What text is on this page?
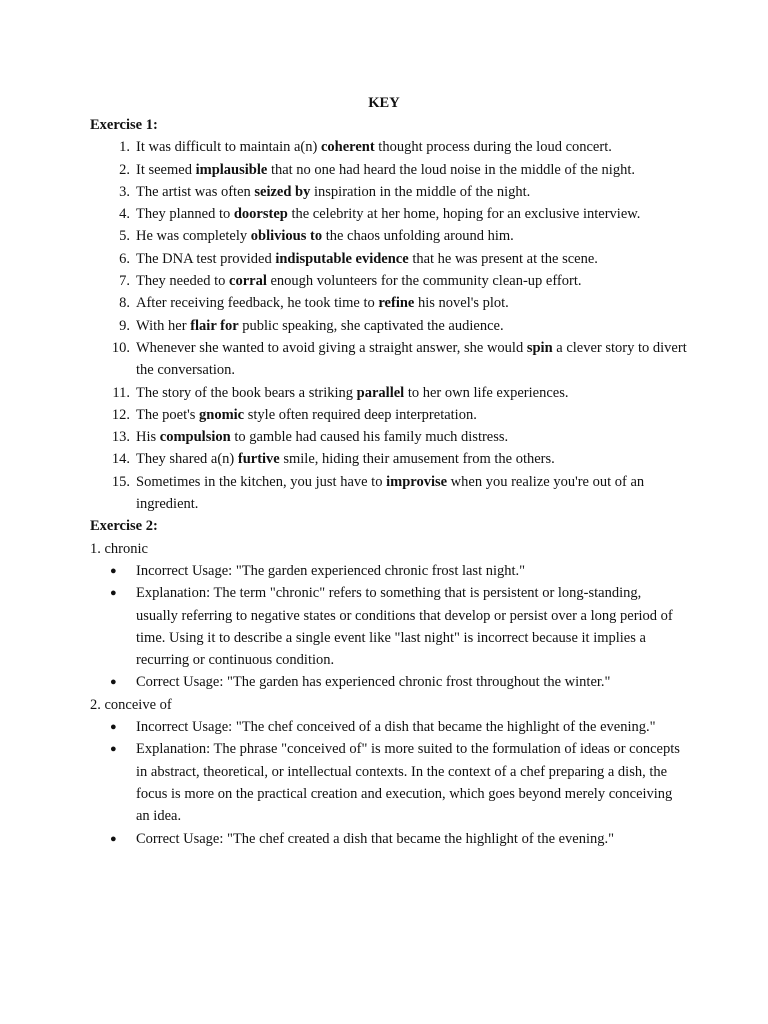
KEY

Exercise 1:

1. It was difficult to maintain a(n) coherent thought process during the loud concert.
2. It seemed implausible that no one had heard the loud noise in the middle of the night.
3. The artist was often seized by inspiration in the middle of the night.
4. They planned to doorstep the celebrity at her home, hoping for an exclusive interview.
5. He was completely oblivious to the chaos unfolding around him.
6. The DNA test provided indisputable evidence that he was present at the scene.
7. They needed to corral enough volunteers for the community clean-up effort.
8. After receiving feedback, he took time to refine his novel's plot.
9. With her flair for public speaking, she captivated the audience.
10. Whenever she wanted to avoid giving a straight answer, she would spin a clever story to divert the conversation.
11. The story of the book bears a striking parallel to her own life experiences.
12. The poet's gnomic style often required deep interpretation.
13. His compulsion to gamble had caused his family much distress.
14. They shared a(n) furtive smile, hiding their amusement from the others.
15. Sometimes in the kitchen, you just have to improvise when you realize you're out of an ingredient.

Exercise 2:

1. chronic

● Incorrect Usage: "The garden experienced chronic frost last night."
● Explanation: The term "chronic" refers to something that is persistent or long-standing, usually referring to negative states or conditions that develop or persist over a long period of time. Using it to describe a single event like "last night" is incorrect because it implies a recurring or continuous condition.
● Correct Usage: "The garden has experienced chronic frost throughout the winter."

2. conceive of

● Incorrect Usage: "The chef conceived of a dish that became the highlight of the evening."
● Explanation: The phrase "conceived of" is more suited to the formulation of ideas or concepts in abstract, theoretical, or intellectual contexts. In the context of a chef preparing a dish, the focus is more on the practical creation and execution, which goes beyond merely conceiving an idea.
● Correct Usage: "The chef created a dish that became the highlight of the evening."
